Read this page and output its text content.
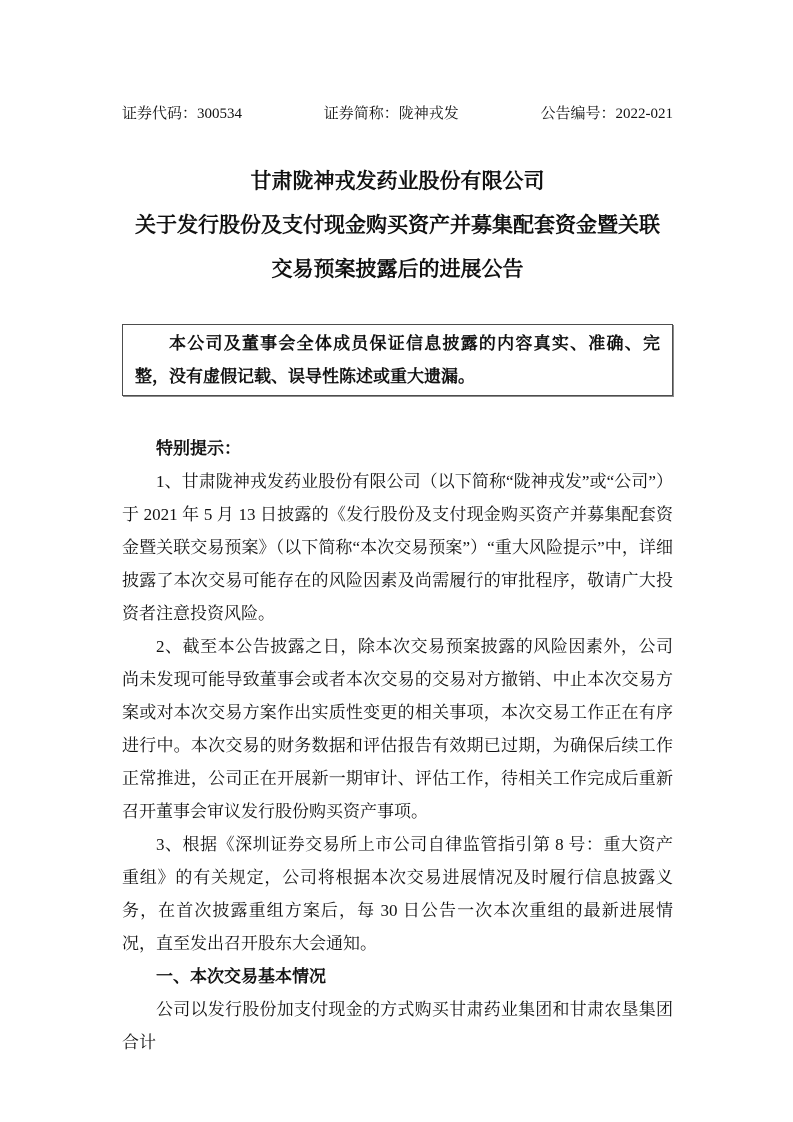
证券代码：300534	证券简称：陇神戎发	公告编号：2022-021
甘肃陇神戎发药业股份有限公司
关于发行股份及支付现金购买资产并募集配套资金暨关联
交易预案披露后的进展公告

本公司及董事会全体成员保证信息披露的内容真实、准确、完整，没有虚假记载、误导性陈述或重大遗漏。

特别提示：

1、甘肃陇神戎发药业股份有限公司（以下简称“陇神戎发”或“公司”）于 2021 年 5 月 13 日披露的《发行股份及支付现金购买资产并募集配套资金暨关联交易预案》（以下简称“本次交易预案”）“重大风险提示”中，详细披露了本次交易可能存在的风险因素及尚需履行的审批程序，敬请广大投资者注意投资风险。

2、截至本公告披露之日，除本次交易预案披露的风险因素外，公司尚未发现可能导致董事会或者本次交易的交易对方撤销、中止本次交易方案或对本次交易方案作出实质性变更的相关事项，本次交易工作正在有序进行中。本次交易的财务数据和评估报告有效期已过期，为确保后续工作正常推进，公司正在开展新一期审计、评估工作，待相关工作完成后重新召开董事会审议发行股份购买资产事项。

3、根据《深圳证券交易所上市公司自律监管指引第 8 号：重大资产重组》的有关规定，公司将根据本次交易进展情况及时履行信息披露义务，在首次披露重组方案后，每 30 日公告一次本次重组的最新进展情况，直至发出召开股东大会通知。

一、本次交易基本情况

公司以发行股份加支付现金的方式购买甘肃药业集团和甘肃农垦集团合计
